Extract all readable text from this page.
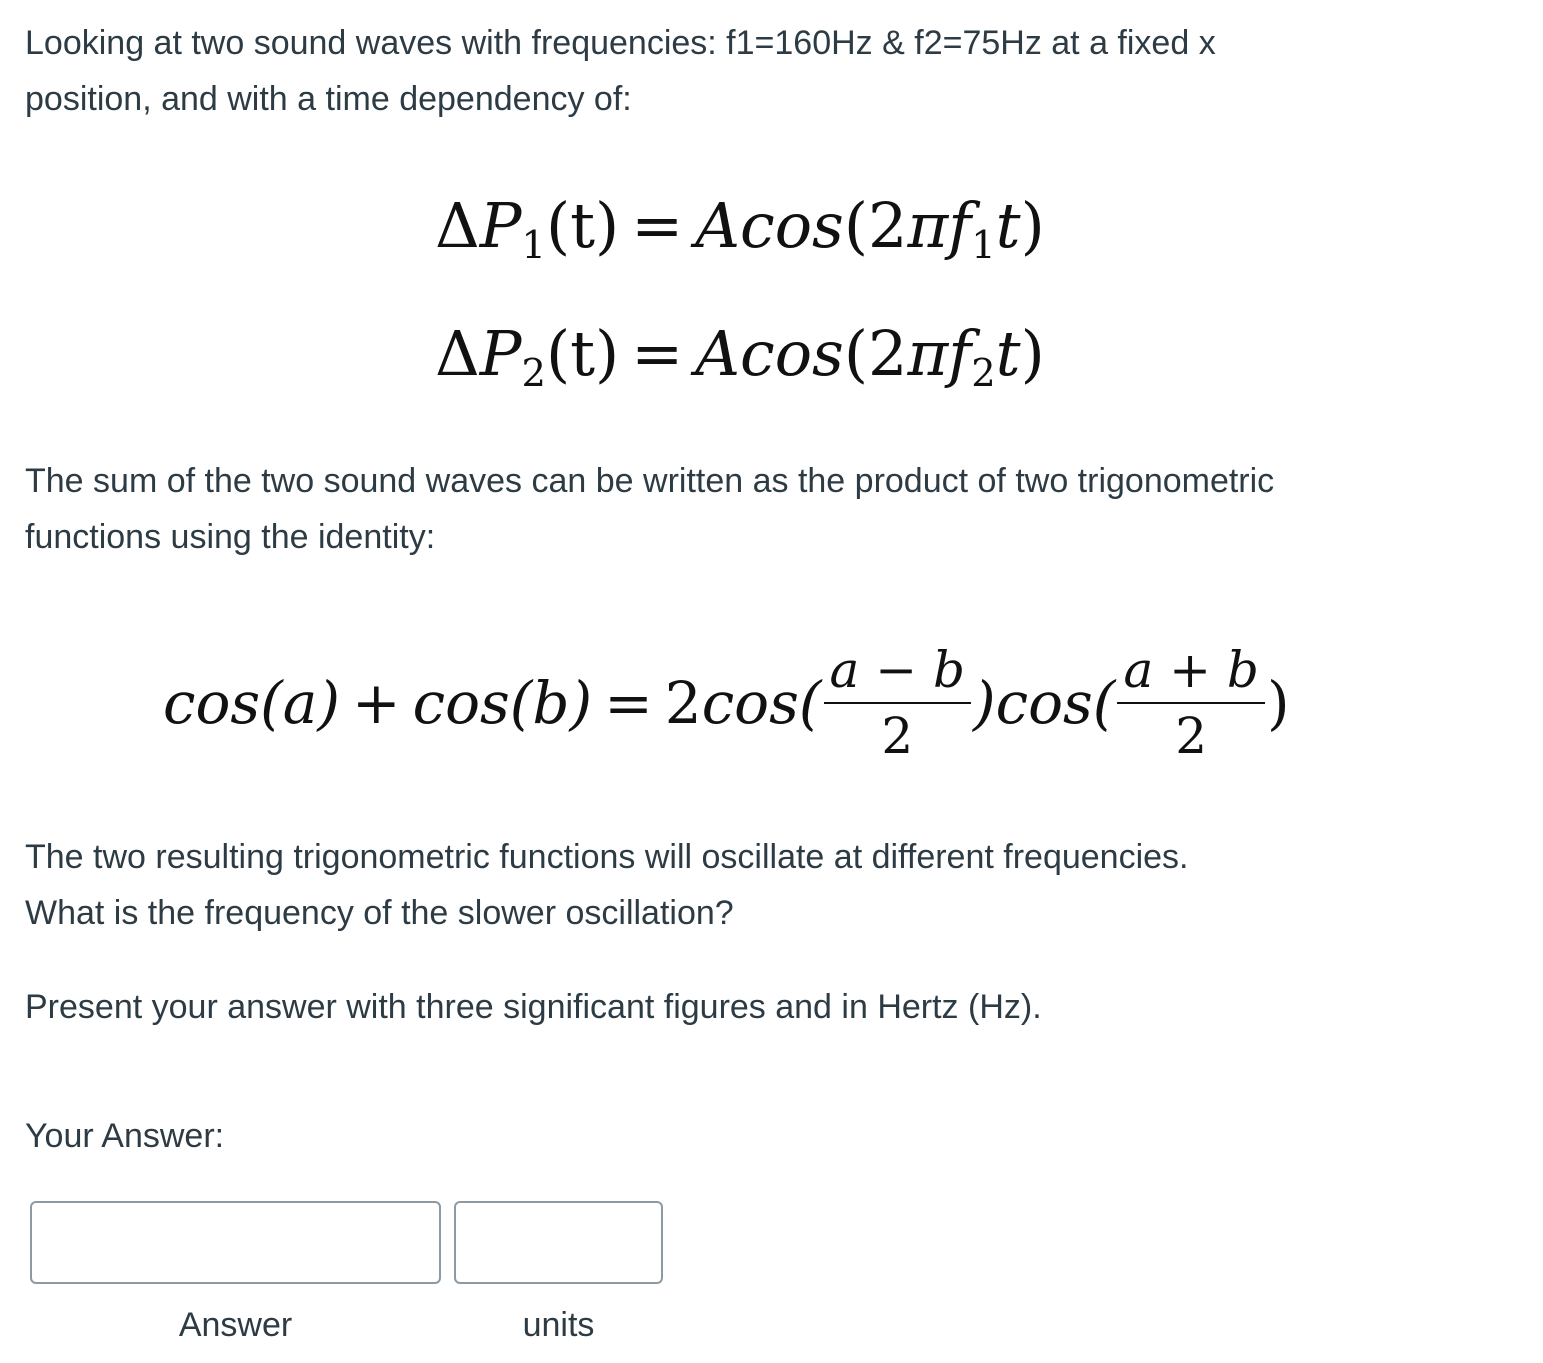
Looking at two sound waves with frequencies: f1=160Hz & f2=75Hz at a fixed x

position, and with a time dependency of:

$\Delta P_1(t) = Acos(2\pi f_1t)$
$\Delta P_2(t) = Acos(2\pi f_2t)$

The sum of the two sound waves can be written as the product of two trigonometric

functions using the identity:

cos(a) + cos(b) = 2 $\cos( \frac{a - b}{2} )\cos( \frac{a + b}{2}$ )

The two resulting trigonometric functions will oscillate at different frequencies.

What is the frequency of the slower oscillation?

Present your answer with three significant figures and in Hertz (Hz).

Your Answer:

Answer	units
